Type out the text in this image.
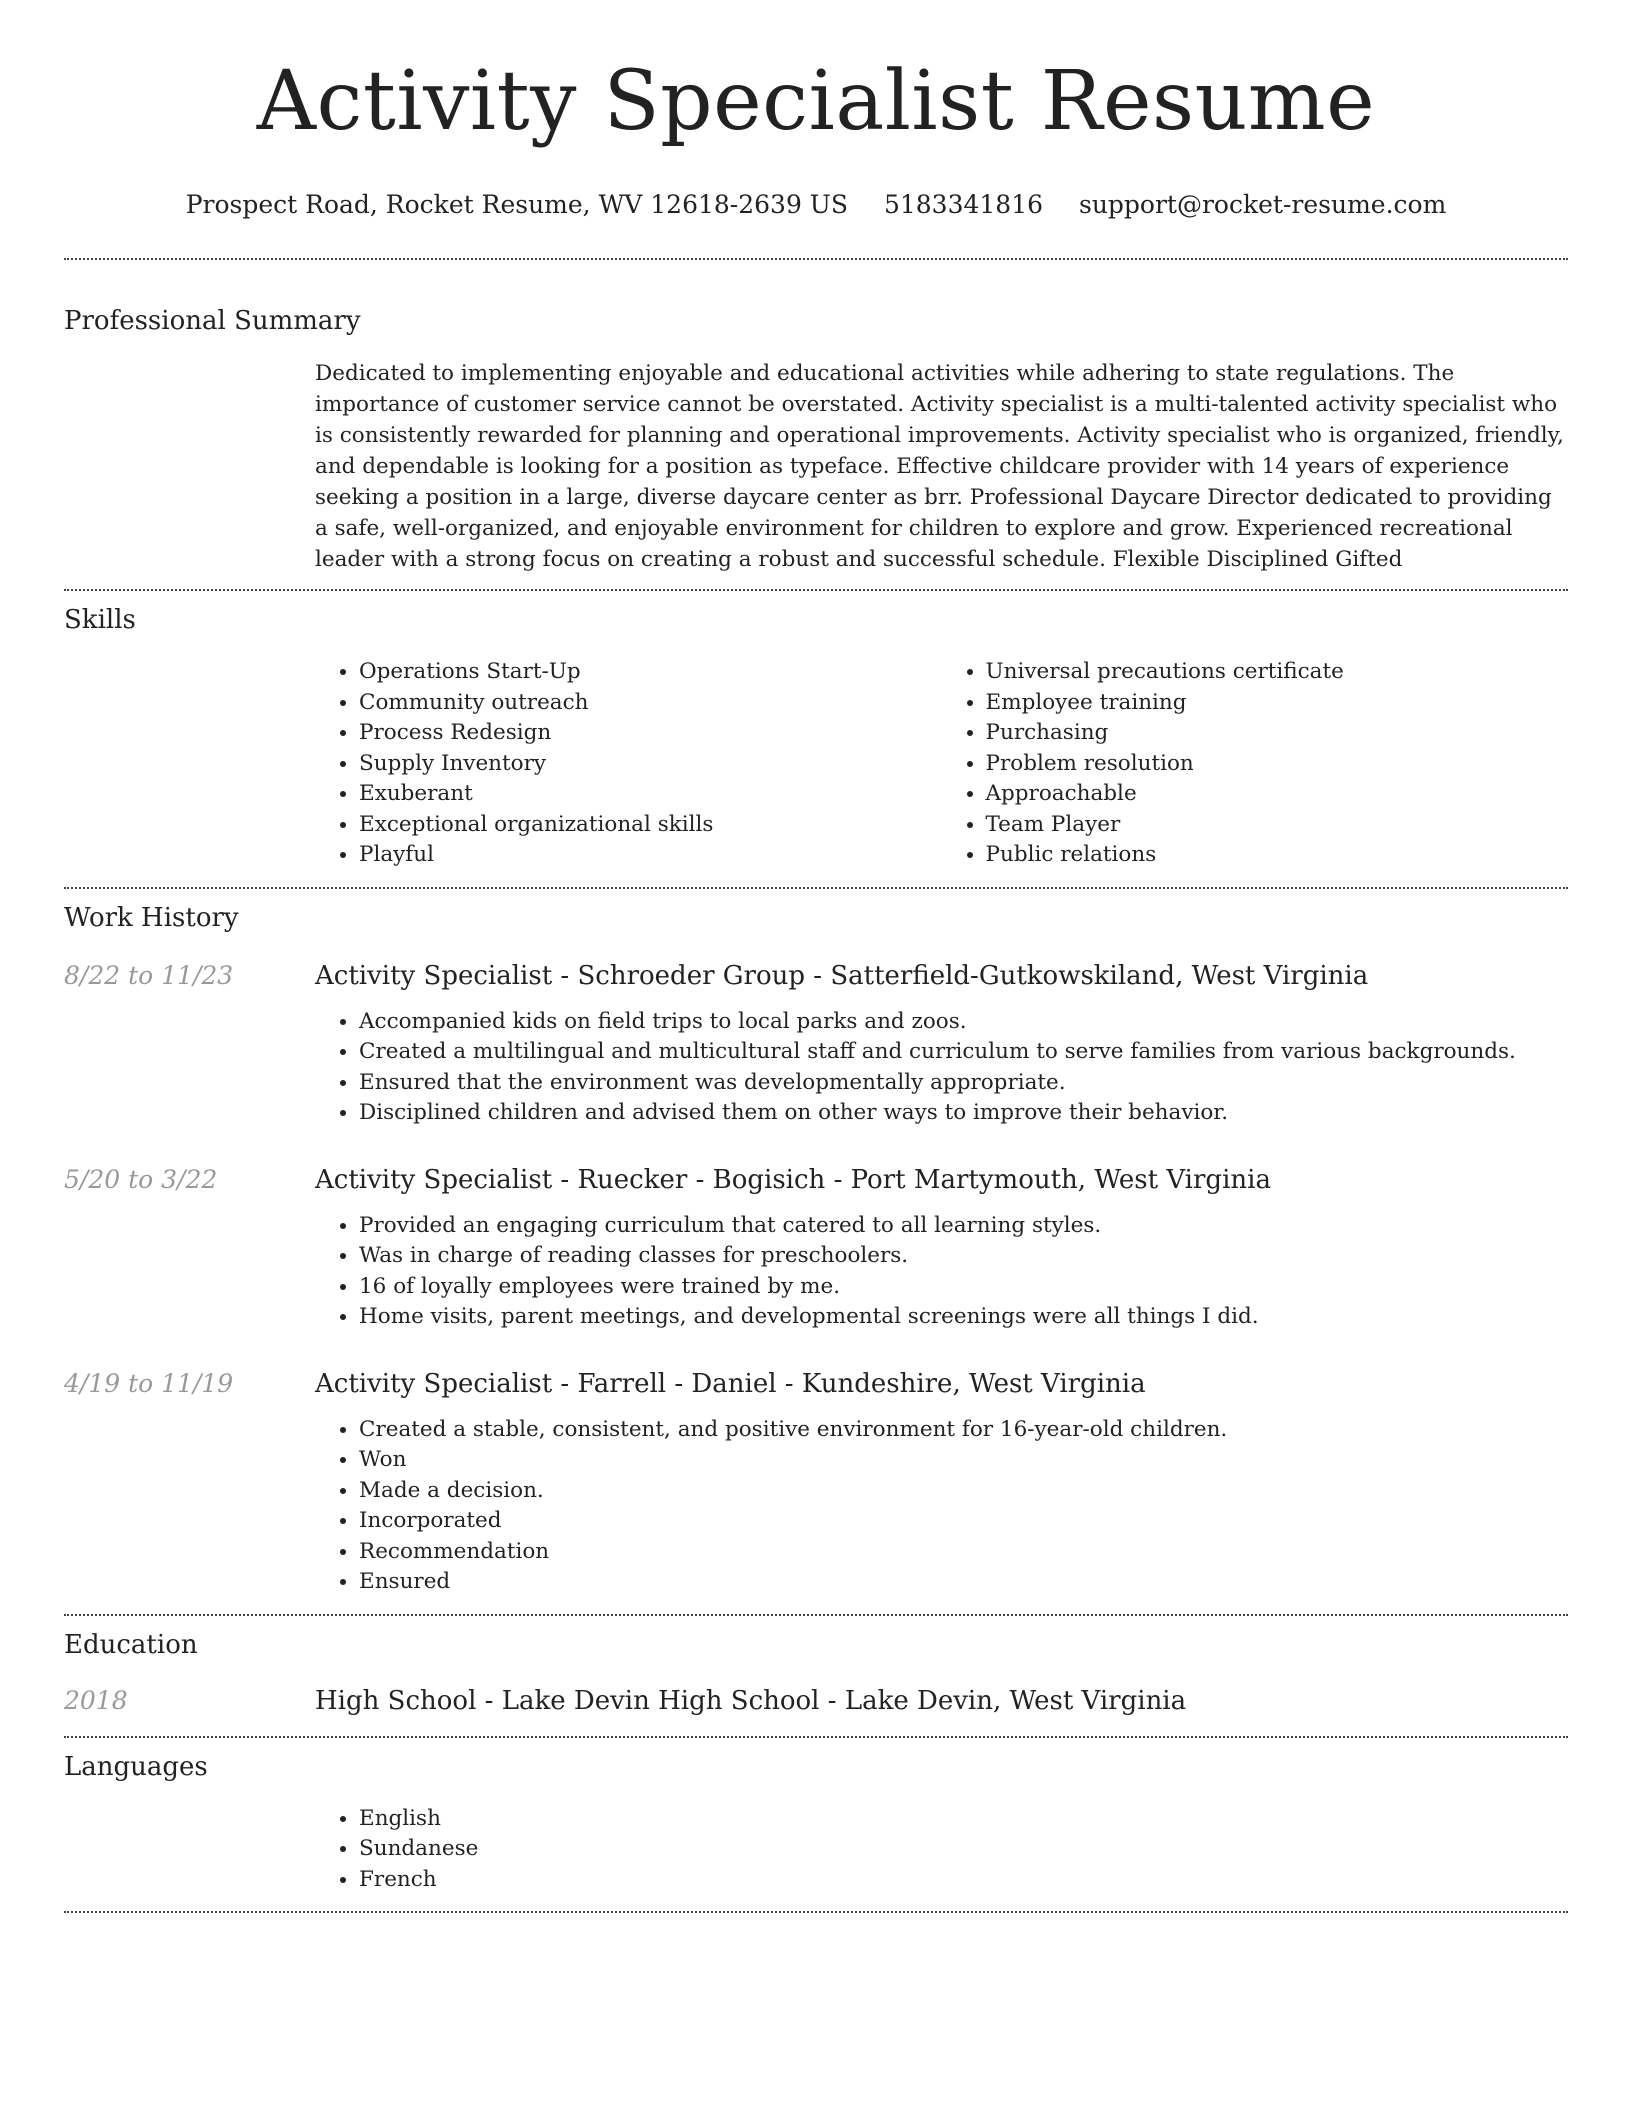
Activity Specialist Resume
Prospect Road, Rocket Resume, WV 12618-2639 US 5183341816 support@rocket-resume.com
Professional Summary

Dedicated to implementing enjoyable and educational activities while adhering to state regulations. The importance of customer service cannot be overstated. Activity specialist is a multi-talented activity specialist who is consistently rewarded for planning and operational improvements. Activity specialist who is organized, friendly, and dependable is looking for a position as typeface. Effective childcare provider with 14 years of experience seeking a position in a large, diverse daycare center as brr. Professional Daycare Director dedicated to providing a safe, well-organized, and enjoyable environment for children to explore and grow. Experienced recreational leader with a strong focus on creating a robust and successful schedule. Flexible Disciplined Gifted

Skills
• Operations Start-Up
• Community outreach
• Process Redesign
• Supply Inventory
• Exuberant
• Exceptional organizational skills
• Playful
• Universal precautions certificate
• Employee training
• Purchasing
• Problem resolution
• Approachable
• Team Player
• Public relations
Work History
8/22 to 11/23	Activity Specialist - Schroeder Group - Satterfield-Gutkowskiland, West Virginia
• Accompanied kids on field trips to local parks and zoos.
• Created a multilingual and multicultural staff and curriculum to serve families from various backgrounds.
• Ensured that the environment was developmentally appropriate.
• Disciplined children and advised them on other ways to improve their behavior.
5/20 to 3/22	Activity Specialist - Ruecker - Bogisich - Port Martymouth, West Virginia
• Provided an engaging curriculum that catered to all learning styles.
• Was in charge of reading classes for preschoolers.
• 16 of loyally employees were trained by me.
• Home visits, parent meetings, and developmental screenings were all things I did.
4/19 to 11/19	Activity Specialist - Farrell - Daniel - Kundeshire, West Virginia
• Created a stable, consistent, and positive environment for 16-year-old children.
• Won
• Made a decision.
• Incorporated
• Recommendation
• Ensured
Education
2018	High School - Lake Devin High School - Lake Devin, West Virginia
Languages
• English
• Sundanese
• French
